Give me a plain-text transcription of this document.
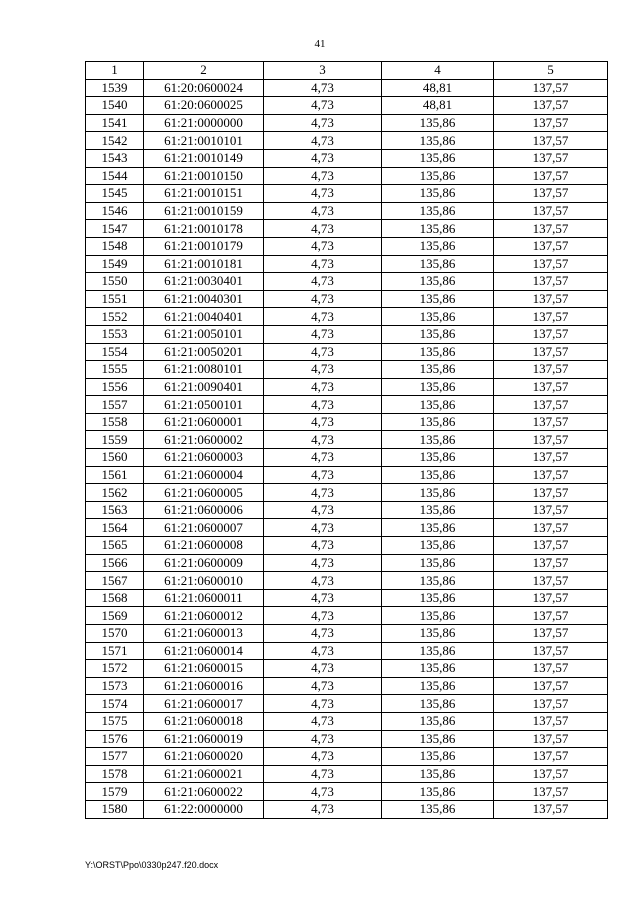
41
1	2	3	4	5
1539	61:20:0600024	4,73	48,81	137,57
1540	61:20:0600025	4,73	48,81	137,57
1541	61:21:0000000	4,73	135,86	137,57
1542	61:21:0010101	4,73	135,86	137,57
1543	61:21:0010149	4,73	135,86	137,57
1544	61:21:0010150	4,73	135,86	137,57
1545	61:21:0010151	4,73	135,86	137,57
1546	61:21:0010159	4,73	135,86	137,57
1547	61:21:0010178	4,73	135,86	137,57
1548	61:21:0010179	4,73	135,86	137,57
1549	61:21:0010181	4,73	135,86	137,57
1550	61:21:0030401	4,73	135,86	137,57
1551	61:21:0040301	4,73	135,86	137,57
1552	61:21:0040401	4,73	135,86	137,57
1553	61:21:0050101	4,73	135,86	137,57
1554	61:21:0050201	4,73	135,86	137,57
1555	61:21:0080101	4,73	135,86	137,57
1556	61:21:0090401	4,73	135,86	137,57
1557	61:21:0500101	4,73	135,86	137,57
1558	61:21:0600001	4,73	135,86	137,57
1559	61:21:0600002	4,73	135,86	137,57
1560	61:21:0600003	4,73	135,86	137,57
1561	61:21:0600004	4,73	135,86	137,57
1562	61:21:0600005	4,73	135,86	137,57
1563	61:21:0600006	4,73	135,86	137,57
1564	61:21:0600007	4,73	135,86	137,57
1565	61:21:0600008	4,73	135,86	137,57
1566	61:21:0600009	4,73	135,86	137,57
1567	61:21:0600010	4,73	135,86	137,57
1568	61:21:0600011	4,73	135,86	137,57
1569	61:21:0600012	4,73	135,86	137,57
1570	61:21:0600013	4,73	135,86	137,57
1571	61:21:0600014	4,73	135,86	137,57
1572	61:21:0600015	4,73	135,86	137,57
1573	61:21:0600016	4,73	135,86	137,57
1574	61:21:0600017	4,73	135,86	137,57
1575	61:21:0600018	4,73	135,86	137,57
1576	61:21:0600019	4,73	135,86	137,57
1577	61:21:0600020	4,73	135,86	137,57
1578	61:21:0600021	4,73	135,86	137,57
1579	61:21:0600022	4,73	135,86	137,57
1580	61:22:0000000	4,73	135,86	137,57
Y:\ORST\Ppo\0330p247.f20.docx
